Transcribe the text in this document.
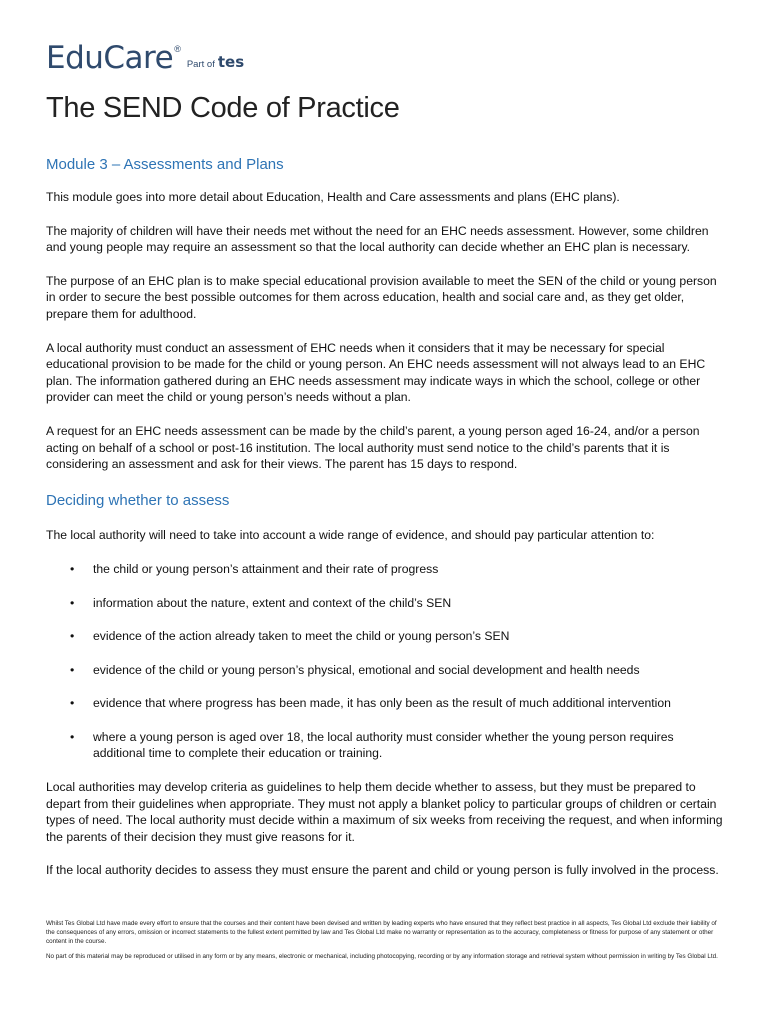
EduCare ®
Part of tes
The SEND Code of Practice
Module 3 – Assessments and Plans

This module goes into more detail about Education, Health and Care assessments and plans (EHC plans).

The majority of children will have their needs met without the need for an EHC needs assessment. However, some children and young people may require an assessment so that the local authority can decide whether an EHC plan is necessary.

The purpose of an EHC plan is to make special educational provision available to meet the SEN of the child or young person in order to secure the best possible outcomes for them across education, health and social care and, as they get older, prepare them for adulthood.

A local authority must conduct an assessment of EHC needs when it considers that it may be necessary for special educational provision to be made for the child or young person. An EHC needs assessment will not always lead to an EHC plan. The information gathered during an EHC needs assessment may indicate ways in which the school, college or other provider can meet the child or young person’s needs without a plan.

A request for an EHC needs assessment can be made by the child’s parent, a young person aged 16-24, and/or a person acting on behalf of a school or post-16 institution. The local authority must send notice to the child’s parents that it is considering an assessment and ask for their views. The parent has 15 days to respond.

Deciding whether to assess

The local authority will need to take into account a wide range of evidence, and should pay particular attention to:

•	the child or young person’s attainment and their rate of progress
•	information about the nature, extent and context of the child’s SEN
•	evidence of the action already taken to meet the child or young person’s SEN
•	evidence of the child or young person’s physical, emotional and social development and health needs
•	evidence that where progress has been made, it has only been as the result of much additional intervention
•	where a young person is aged over 18, the local authority must consider whether the young person requires additional time to complete their education or training.

Local authorities may develop criteria as guidelines to help them decide whether to assess, but they must be prepared to depart from their guidelines when appropriate. They must not apply a blanket policy to particular groups of children or certain types of need. The local authority must decide within a maximum of six weeks from receiving the request, and when informing the parents of their decision they must give reasons for it.

If the local authority decides to assess they must ensure the parent and child or young person is fully involved in the process.

Whilst Tes Global Ltd have made every effort to ensure that the courses and their content have been devised and written by leading experts who have ensured that they reflect best practice in all aspects, Tes Global Ltd exclude their liability of the consequences of any errors, omission or incorrect statements to the fullest extent permitted by law and Tes Global Ltd make no warranty or representation as to the accuracy, completeness or fitness for purpose of any statement or other content in the course.

No part of this material may be reproduced or utilised in any form or by any means, electronic or mechanical, including photocopying, recording or by any information storage and retrieval system without permission in writing by Tes Global Ltd.
